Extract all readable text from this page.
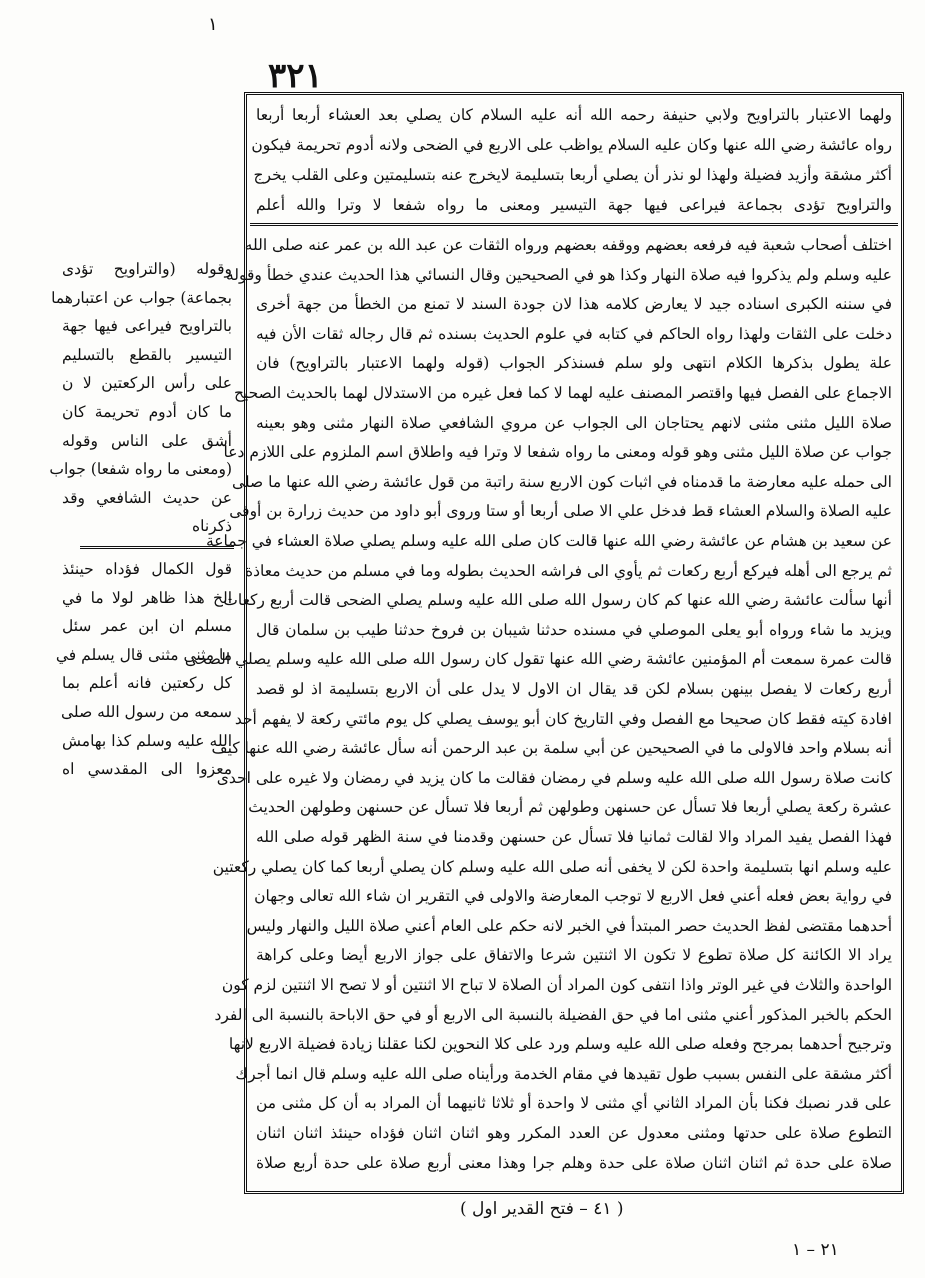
١
٣٢١
ولهما الاعتبار بالتراويح ولابي حنيفة رحمه الله أنه عليه السلام كان يصلي بعد العشاء أربعا أربعا
رواه عائشة رضي الله عنها وكان عليه السلام يواظب على الاربع في الضحى ولانه أدوم تحريمة فيكون
أكثر مشقة وأزيد فضيلة ولهذا لو نذر أن يصلي أربعا بتسليمة لايخرج عنه بتسليمتين وعلى القلب يخرج
والتراويح تؤدى بجماعة فيراعى فيها جهة التيسير ومعنى ما رواه شفعا لا وترا والله أعلم
اختلف أصحاب شعبة فيه فرفعه بعضهم ووقفه بعضهم ورواه الثقات عن عبد الله بن عمر عنه صلى الله
عليه وسلم ولم يذكروا فيه صلاة النهار وكذا هو في الصحيحين وقال النسائي هذا الحديث عندي خطأ وقوله
في سننه الكبرى اسناده جيد لا يعارض كلامه هذا لان جودة السند لا تمنع من الخطأ من جهة أخرى
دخلت على الثقات ولهذا رواه الحاكم في كتابه في علوم الحديث بسنده ثم قال رجاله ثقات الأن فيه
علة يطول بذكرها الكلام انتهى ولو سلم فسنذكر الجواب (قوله ولهما الاعتبار بالتراويح) فان
الاجماع على الفصل فيها واقتصر المصنف عليه لهما لا كما فعل غيره من الاستدلال لهما بالحديث الصحيح
صلاة الليل مثنى مثنى لانهم يحتاجان الى الجواب عن مروي الشافعي صلاة النهار مثنى وهو بعينه
جواب عن صلاة الليل مثنى وهو قوله ومعنى ما رواه شفعا لا وترا فيه واطلاق اسم الملزوم على اللازم دعا
الى حمله عليه معارضة ما قدمناه في اثبات كون الاربع سنة راتبة من قول عائشة رضي الله عنها ما صلى
عليه الصلاة والسلام العشاء قط فدخل علي الا صلى أربعا أو ستا وروى أبو داود من حديث زرارة بن أوفى
عن سعيد بن هشام عن عائشة رضي الله عنها قالت كان صلى الله عليه وسلم يصلي صلاة العشاء في جماعة
ثم يرجع الى أهله فيركع أربع ركعات ثم يأوي الى فراشه الحديث بطوله وما في مسلم من حديث معاذة
أنها سألت عائشة رضي الله عنها كم كان رسول الله صلى الله عليه وسلم يصلي الضحى قالت أربع ركعات
ويزيد ما شاء ورواه أبو يعلى الموصلي في مسنده حدثنا شيبان بن فروخ حدثنا طيب بن سلمان قال
قالت عمرة سمعت أم المؤمنين عائشة رضي الله عنها تقول كان رسول الله صلى الله عليه وسلم يصلي الضحى
أربع ركعات لا يفصل بينهن بسلام لكن قد يقال ان الاول لا يدل على أن الاربع بتسليمة اذ لو قصد
افادة كيته فقط كان صحيحا مع الفصل وفي التاريخ كان أبو يوسف يصلي كل يوم مائتي ركعة لا يفهم أحد
أنه بسلام واحد فالاولى ما في الصحيحين عن أبي سلمة بن عبد الرحمن أنه سأل عائشة رضي الله عنها كيف
كانت صلاة رسول الله صلى الله عليه وسلم في رمضان فقالت ما كان يزيد في رمضان ولا غيره على احدى
عشرة ركعة يصلي أربعا فلا تسأل عن حسنهن وطولهن ثم أربعا فلا تسأل عن حسنهن وطولهن الحديث
فهذا الفصل يفيد المراد والا لقالت ثمانيا فلا تسأل عن حسنهن وقدمنا في سنة الظهر قوله صلى الله
عليه وسلم انها بتسليمة واحدة لكن لا يخفى أنه صلى الله عليه وسلم كان يصلي أربعا كما كان يصلي ركعتين
في رواية بعض فعله أعني فعل الاربع لا توجب المعارضة والاولى في التقرير ان شاء الله تعالى وجهان
أحدهما مقتضى لفظ الحديث حصر المبتدأ في الخبر لانه حكم على العام أعني صلاة الليل والنهار وليس
يراد الا الكائنة كل صلاة تطوع لا تكون الا اثنتين شرعا والاتفاق على جواز الاربع أيضا وعلى كراهة
الواحدة والثلاث في غير الوتر واذا انتفى كون المراد أن الصلاة لا تباح الا اثنتين أو لا تصح الا اثنتين لزم كون
الحكم بالخبر المذكور أعني مثنى اما في حق الفضيلة بالنسبة الى الاربع أو في حق الاباحة بالنسبة الى الفرد
وترجيح أحدهما بمرجح وفعله صلى الله عليه وسلم ورد على كلا النحوين لكنا عقلنا زيادة فضيلة الاربع لانها
أكثر مشقة على النفس بسبب طول تقيدها في مقام الخدمة ورأيناه صلى الله عليه وسلم قال انما أجرك
على قدر نصبك فكنا بأن المراد الثاني أي مثنى لا واحدة أو ثلاثا ثانيهما أن المراد به أن كل مثنى من
التطوع صلاة على حدتها ومثنى معدول عن العدد المكرر وهو اثنان اثنان فؤداه حينئذ اثنان اثنان
صلاة على حدة ثم اثنان اثنان صلاة على حدة وهلم جرا وهذا معنى أربع صلاة على حدة أربع صلاة
وقوله (والتراويح تؤدى
بجماعة) جواب عن اعتبارهما
بالتراويح فيراعى فيها جهة
التيسير بالقطع بالتسليم
على رأس الركعتين لا ن
ما كان أدوم تحريمة كان
أشق على الناس وقوله
(ومعنى ما رواه شفعا) جواب
عن حديث الشافعي وقد
ذكرناه
قول الكمال فؤداه حينئذ
الخ هذا ظاهر لولا ما في
مسلم ان ابن عمر سئل
ما مثنى مثنى قال يسلم في
كل ركعتين فانه أعلم بما
سمعه من رسول الله صلى
الله عليه وسلم كذا بهامش
معزوا الى المقدسي اه
( ٤١ – فتح القدير اول )
٢١ – ١
